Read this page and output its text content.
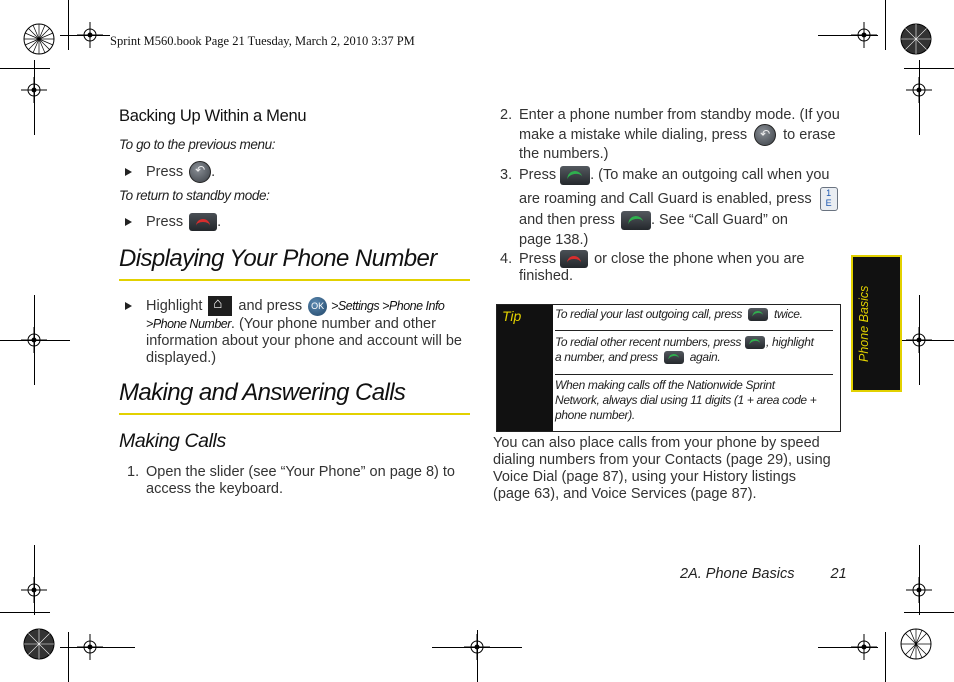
Sprint M560.book Page 21 Tuesday, March 2, 2010 3:37 PM
Backing Up Within a Menu
To go to the previous menu:
Press ↶ .
To return to standby mode:
Press .
Displaying Your Phone Number
Highlight ⌂ and press OK > Settings > Phone Info
>Phone Number. (Your phone number and other
information about your phone and account will be
displayed.)
Making and Answering Calls
Making Calls
1. Open the slider (see “Your Phone” on page 8) to
access the keyboard.
2. Enter a phone number from standby mode. (If you
make a mistake while dialing, press ↶ to erase
the numbers.)
3. Press . (To make an outgoing call when you
are roaming and Call Guard is enabled, press 1
E
and then press . See “Call Guard” on
page 138.)
4. Press	or close the phone when you are
finished.
Tip	To redial your last outgoing call, press	twice.
To redial other recent numbers, press , highlight
a number, and press	again.
When making calls off the Nationwide Sprint
Network, always dial using 11 digits (1 + area code +
phone number).
You can also place calls from your phone by speed
dialing numbers from your Contacts (page 29), using
Voice Dial (page 87), using your History listings
(page 63), and Voice Services (page 87).
Phone Basics
2A. Phone Basics 21
